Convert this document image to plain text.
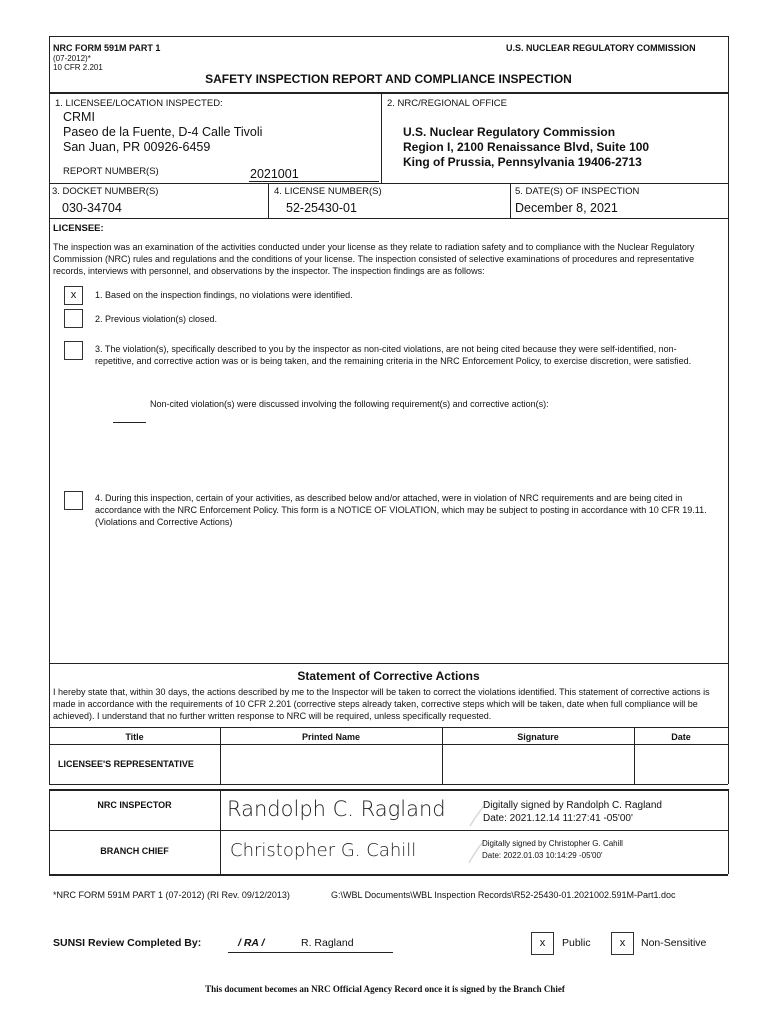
NRC FORM 591M PART 1
(07-2012)*
10 CFR 2.201
U.S. NUCLEAR REGULATORY COMMISSION
SAFETY INSPECTION REPORT AND COMPLIANCE INSPECTION
1. LICENSEE/LOCATION INSPECTED:
CRMI
Paseo de la Fuente, D-4 Calle Tivoli
San Juan, PR 00926-6459
REPORT NUMBER(S)	2021001
2. NRC/REGIONAL OFFICE
U.S. Nuclear Regulatory Commission
Region I, 2100 Renaissance Blvd, Suite 100
King of Prussia, Pennsylvania 19406-2713
3. DOCKET NUMBER(S)
030-34704
4. LICENSE NUMBER(S)
52-25430-01
5. DATE(S) OF INSPECTION
December 8, 2021
LICENSEE:
The inspection was an examination of the activities conducted under your license as they relate to radiation safety and to compliance with the Nuclear Regulatory Commission (NRC) rules and regulations and the conditions of your license. The inspection consisted of selective examinations of procedures and representative records, interviews with personnel, and observations by the inspector. The inspection findings are as follows:
x	1. Based on the inspection findings, no violations were identified.
2. Previous violation(s) closed.
3. The violation(s), specifically described to you by the inspector as non-cited violations, are not being cited because they were self-identified, non-repetitive, and corrective action was or is being taken, and the remaining criteria in the NRC Enforcement Policy, to exercise discretion, were satisfied.
Non-cited violation(s) were discussed involving the following requirement(s) and corrective action(s):
4. During this inspection, certain of your activities, as described below and/or attached, were in violation of NRC requirements and are being cited in accordance with the NRC Enforcement Policy. This form is a NOTICE OF VIOLATION, which may be subject to posting in accordance with 10 CFR 19.11. (Violations and Corrective Actions)
Statement of Corrective Actions
I hereby state that, within 30 days, the actions described by me to the Inspector will be taken to correct the violations identified. This statement of corrective actions is made in accordance with the requirements of 10 CFR 2.201 (corrective steps already taken, corrective steps which will be taken, date when full compliance will be achieved). I understand that no further written response to NRC will be required, unless specifically requested.
Title	Printed Name	Signature	Date
LICENSEE'S REPRESENTATIVE
NRC INSPECTOR	Randolph C. Ragland	Digitally signed by Randolph C. Ragland
Date: 2021.12.14 11:27:41 -05'00'
BRANCH CHIEF	Christopher G. Cahill	Digitally signed by Christopher G. Cahill
Date: 2022.01.03 10:14:29 -05'00'
*NRC FORM 591M PART 1 (07-2012) (RI Rev. 09/12/2013)	G:\WBL Documents\WBL Inspection Records\R52-25430-01.2021002.591M-Part1.doc
SUNSI Review Completed By:	/ RA /	R. Ragland	x	Public	x	Non-Sensitive
This document becomes an NRC Official Agency Record once it is signed by the Branch Chief
